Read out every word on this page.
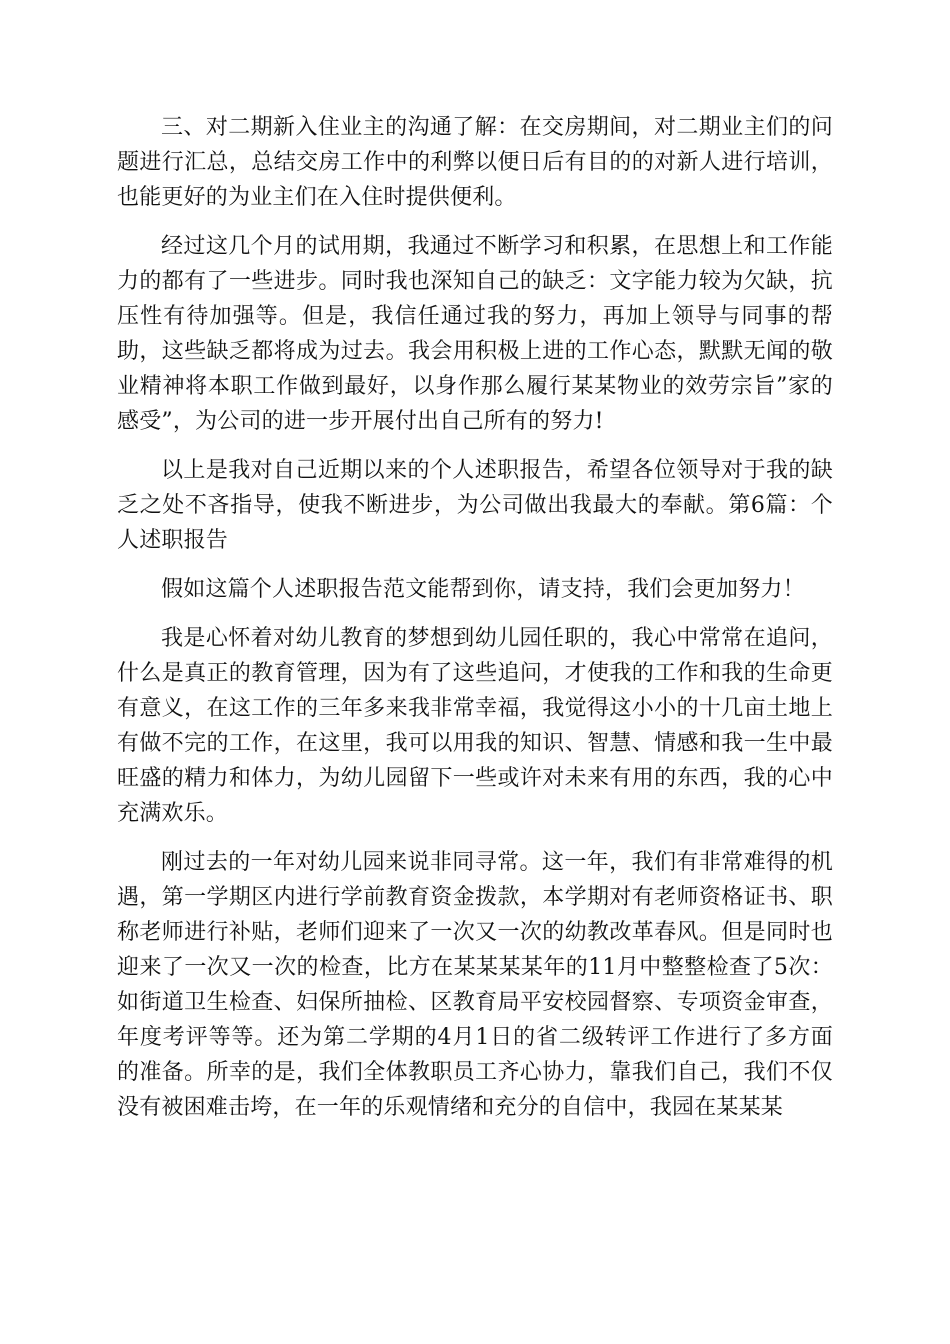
三、对二期新入住业主的沟通了解：在交房期间，对二期业主们的问题进行汇总，总结交房工作中的利弊以便日后有目的的对新人进行培训，也能更好的为业主们在入住时提供便利。

经过这几个月的试用期，我通过不断学习和积累，在思想上和工作能力的都有了一些进步。同时我也深知自己的缺乏：文字能力较为欠缺，抗压性有待加强等。但是，我信任通过我的努力，再加上领导与同事的帮助，这些缺乏都将成为过去。我会用积极上进的工作心态，默默无闻的敬业精神将本职工作做到最好，以身作那么履行某某物业的效劳宗旨”家的感受”，为公司的进一步开展付出自己所有的努力!

以上是我对自己近期以来的个人述职报告，希望各位领导对于我的缺乏之处不吝指导，使我不断进步，为公司做出我最大的奉献。第6篇：个人述职报告

假如这篇个人述职报告范文能帮到你，请支持，我们会更加努力！

我是心怀着对幼儿教育的梦想到幼儿园任职的，我心中常常在追问，什么是真正的教育管理，因为有了这些追问，才使我的工作和我的生命更有意义，在这工作的三年多来我非常幸福，我觉得这小小的十几亩土地上有做不完的工作，在这里，我可以用我的知识、智慧、情感和我一生中最旺盛的精力和体力，为幼儿园留下一些或许对未来有用的东西，我的心中充满欢乐。

刚过去的一年对幼儿园来说非同寻常。这一年，我们有非常难得的机遇，第一学期区内进行学前教育资金拨款，本学期对有老师资格证书、职称老师进行补贴，老师们迎来了一次又一次的幼教改革春风。但是同时也迎来了一次又一次的检查，比方在某某某某年的11月中整整检查了5次：如街道卫生检查、妇保所抽检、区教育局平安校园督察、专项资金审查，年度考评等等。还为第二学期的4月1日的省二级转评工作进行了多方面的准备。所幸的是，我们全体教职员工齐心协力，靠我们自己，我们不仅没有被困难击垮，在一年的乐观情绪和充分的自信中，我园在某某某
